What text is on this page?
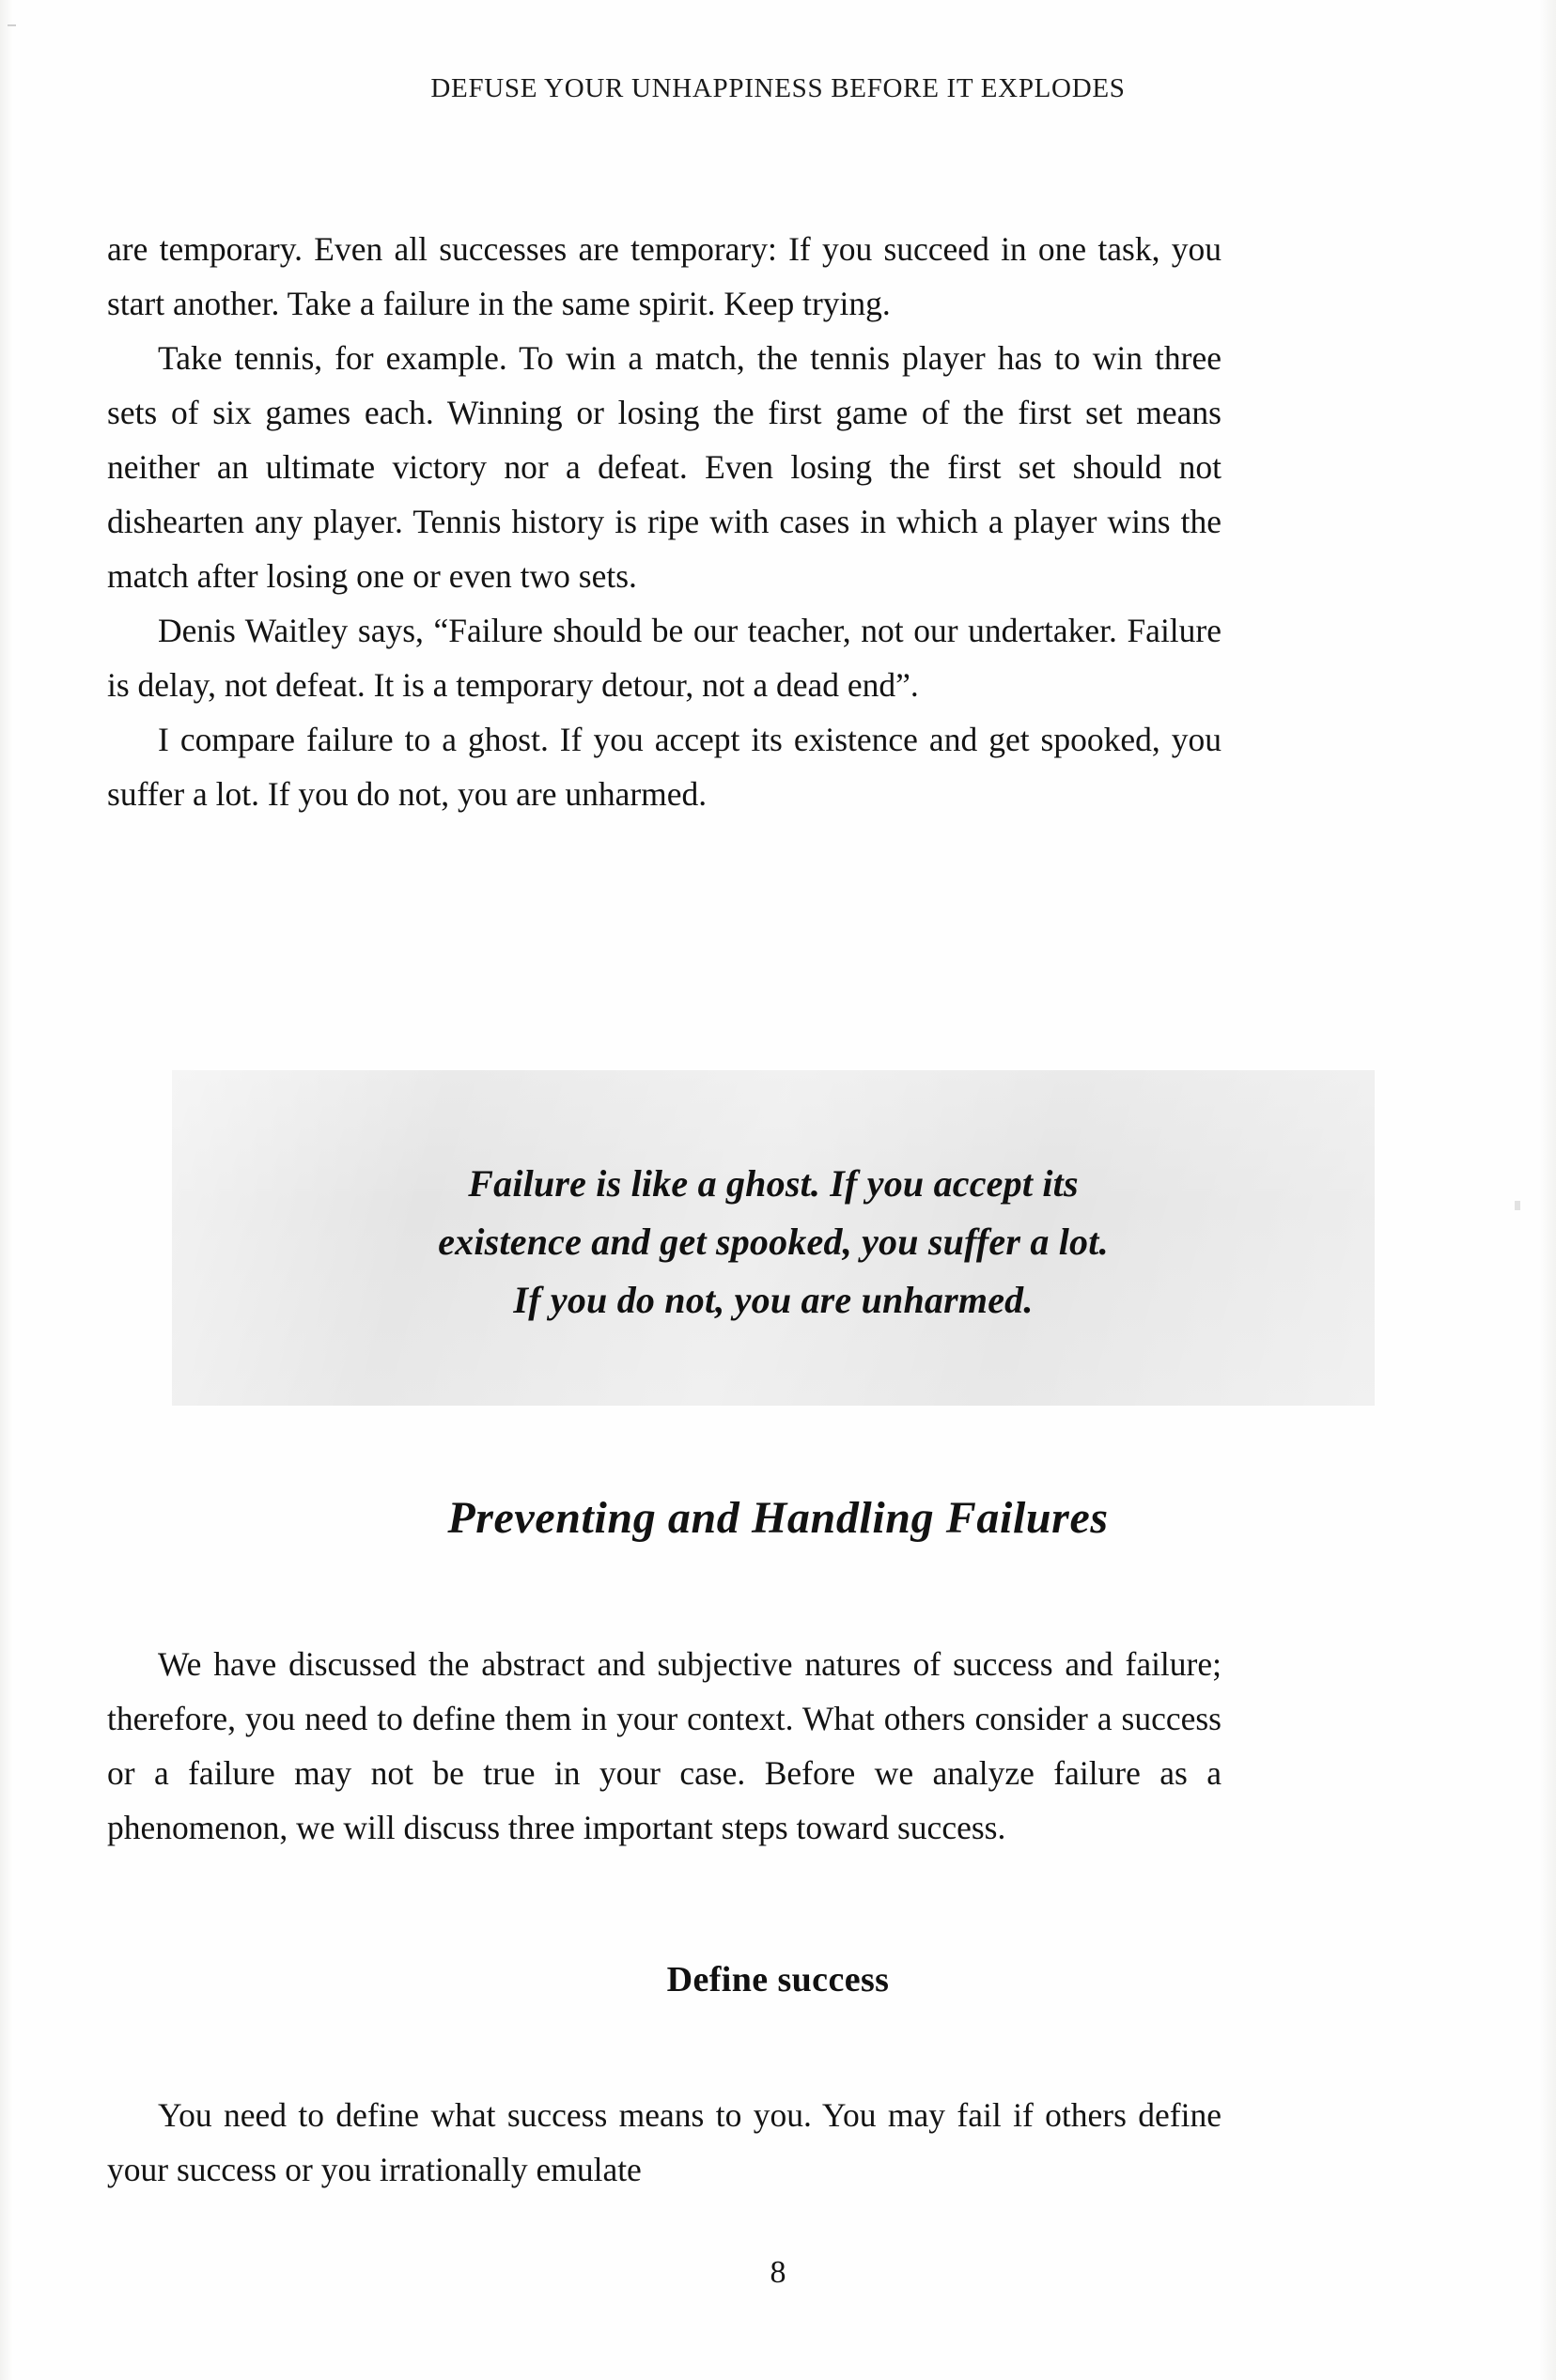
DEFUSE YOUR UNHAPPINESS BEFORE IT EXPLODES

are temporary. Even all successes are temporary: If you succeed in one task, you start another. Take a failure in the same spirit. Keep trying.

Take tennis, for example. To win a match, the tennis player has to win three sets of six games each. Winning or losing the first game of the first set means neither an ultimate victory nor a defeat. Even losing the first set should not dishearten any player. Tennis history is ripe with cases in which a player wins the match after losing one or even two sets.

Denis Waitley says, “Failure should be our teacher, not our undertaker. Failure is delay, not defeat. It is a temporary detour, not a dead end”.

I compare failure to a ghost. If you accept its existence and get spooked, you suffer a lot. If you do not, you are unharmed.

Failure is like a ghost. If you accept its
existence and get spooked, you suffer a lot.
If you do not, you are unharmed.
Preventing and Handling Failures

We have discussed the abstract and subjective natures of success and failure; therefore, you need to define them in your context. What others consider a success or a failure may not be true in your case. Before we analyze failure as a phenomenon, we will discuss three important steps toward success.

Define success

You need to define what success means to you. You may fail if others define your success or you irrationally emulate

8
